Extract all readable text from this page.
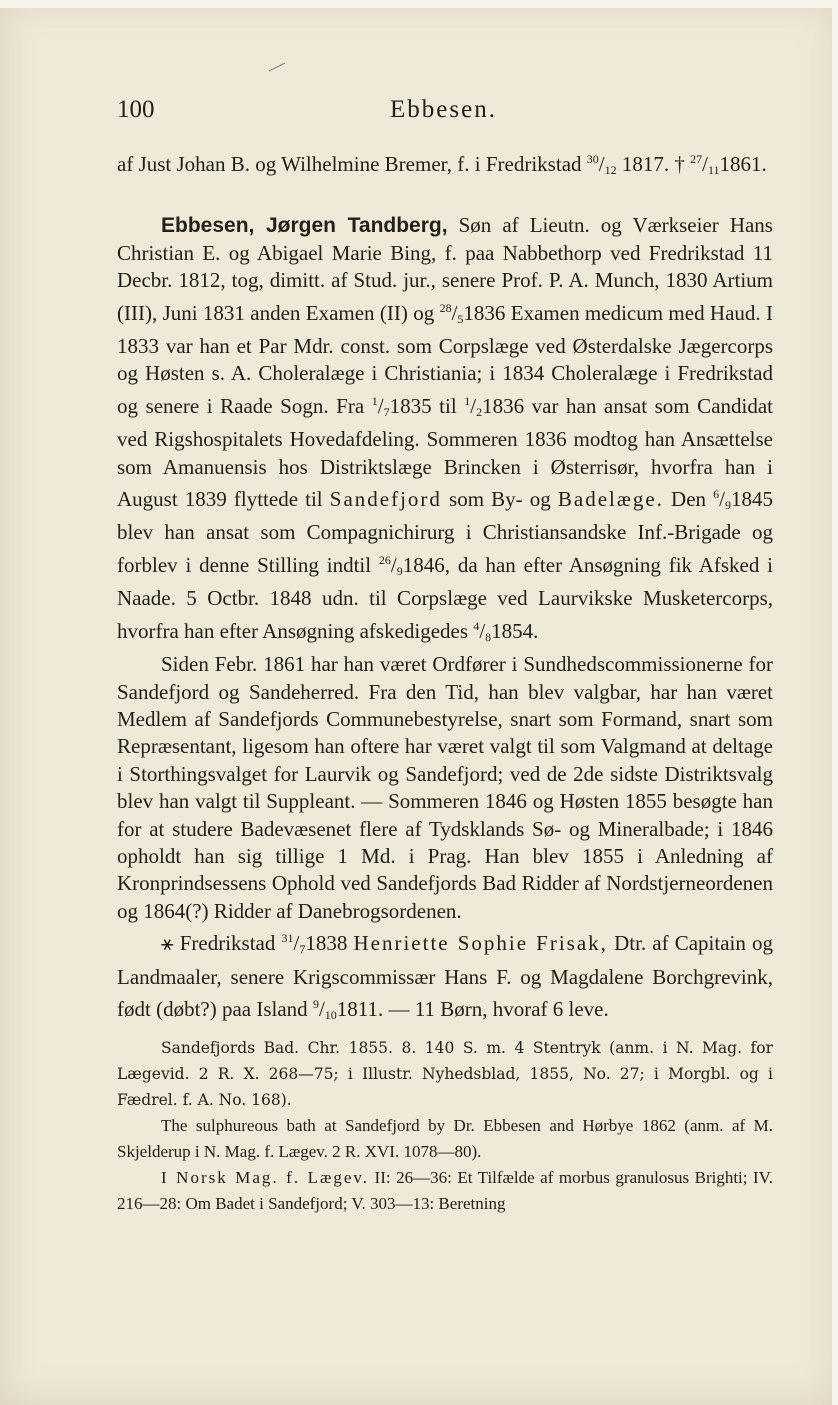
100	Ebbesen.

af Just Johan B. og Wilhelmine Bremer, f. i Fredrikstad $^{30}/_{12}$ 1817. † $^{27}/_{11}1861$.

Ebbesen, Jørgen Tandberg, Søn af Lieutn. og Værkseier Hans Christian E. og Abigael Marie Bing, f. paa Nabbethorp ved Fredrikstad 11 Decbr. 1812, tog, dimitt. af Stud. jur., senere Prof. P. A. Munch, 1830 Artium (III), Juni 1831 anden Examen (II) og $^{28}/_51836$ Examen medicum med Haud. I 1833 var han et Par Mdr. const. som Corpslæge ved Østerdalske Jægercorps og Høsten s. A. Choleralæge i Christiania; i 1834 Choleralæge i Fredrikstad og senere i Raade Sogn. Fra $^1/_71835$ til $^1/_21836$ var han ansat som Candidat ved Rigshospitalets Hovedafdeling. Sommeren 1836 modtog han Ansættelse som Amanuensis hos Distriktslæge Brincken i Østerrisør, hvorfra han i August 1839 flyttede til Sandefjord som By- og Badelæge. Den $^6/_91845$ blev han ansat som Compagnichirurg i Christiansandske Inf.-Brigade og forblev i denne Stilling indtil $^{26}/_91846$, da han efter Ansøgning fik Afsked i Naade. 5 Octbr. 1848 udn. til Corpslæge ved Laurvikske Musketercorps, hvorfra han efter Ansøgning afskedigedes $^4/_81854$.

Siden Febr. 1861 har han været Ordfører i Sundhedscommissionerne for Sandefjord og Sandeherred. Fra den Tid, han blev valgbar, har han været Medlem af Sandefjords Communebestyrelse, snart som Formand, snart som Repræsentant, ligesom han oftere har været valgt til som Valgmand at deltage i Storthingsvalget for Laurvik og Sandefjord; ved de 2de sidste Distriktsvalg blev han valgt til Suppleant. — Sommeren 1846 og Høsten 1855 besøgte han for at studere Badevæsenet flere af Tydsklands Sø- og Mineralbade; i 1846 opholdt han sig tillige 1 Md. i Prag. Han blev 1855 i Anledning af Kronprindsessens Ophold ved Sandefjords Bad Ridder af Nordstjerneordenen og 1864(?) Ridder af Danebrogsordenen.

⚹ Fredrikstad $^{31}/_71838$ Henriette Sophie Frisak, Dtr. af Capitain og Landmaaler, senere Krigscommissær Hans F. og Magdalene Borchgrevink, født (døbt?) paa Island $^9/_{10}1811$. — 11 Børn, hvoraf 6 leve.

Sandefjords Bad. Chr. 1855. 8. 140 S. m. 4 Stentryk (anm. i N. Mag. for Lægevid. 2 R. X. 268—75; i Illustr. Nyhedsblad, 1855, No. 27; i Morgbl. og i Fædrel. f. A. No. 168).

The sulphureous bath at Sandefjord by Dr. Ebbesen and Hørbye 1862 (anm. af M. Skjelderup i N. Mag. f. Lægev. 2 R. XVI. 1078—80).

I Norsk Mag. f. Lægev. II: 26—36: Et Tilfælde af morbus granulosus Brighti; IV. 216—28: Om Badet i Sandefjord; V. 303—13: Beretning
